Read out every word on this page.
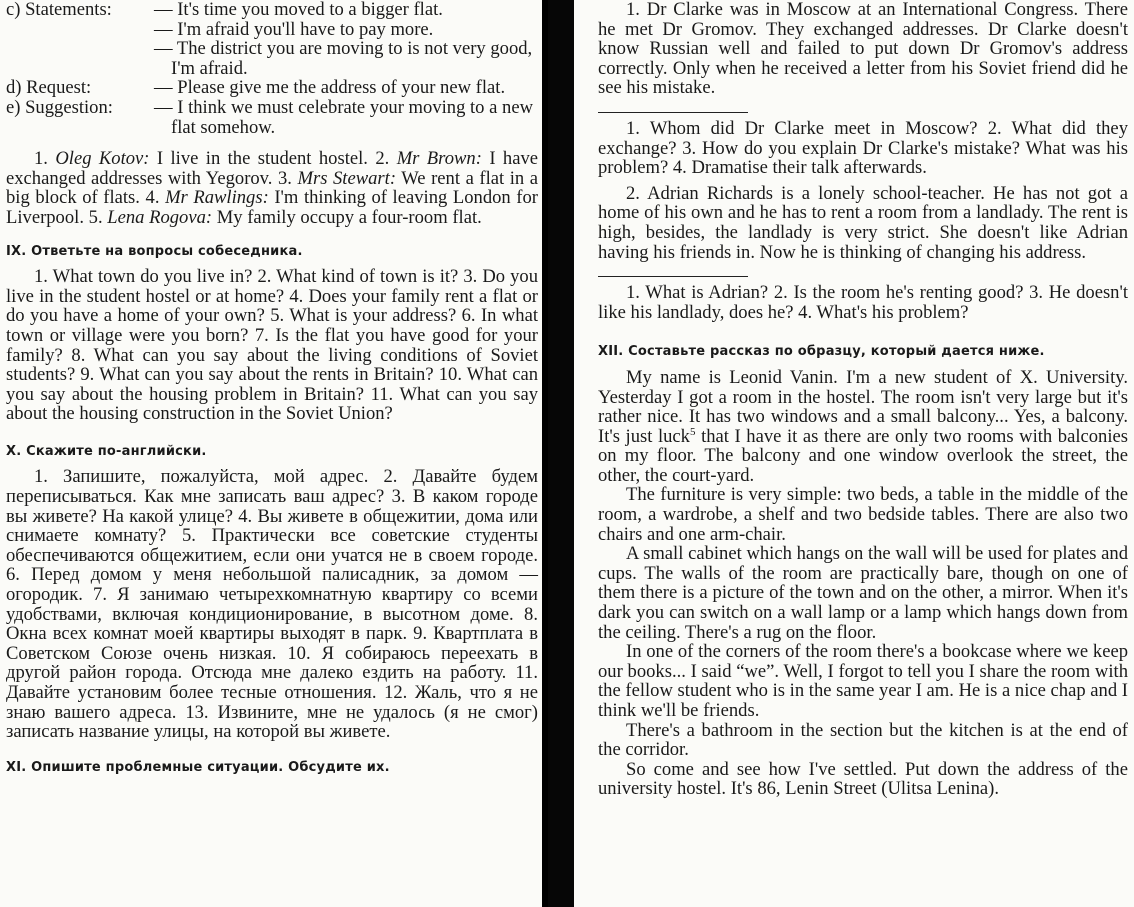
c) Statements:	— It's time you moved to a bigger flat.
— I'm afraid you'll have to pay more.
— The district you are moving to is not very good, I'm afraid.
d) Request:	— Please give me the address of your new flat.
e) Suggestion:	— I think we must celebrate your moving to a new flat somehow.

1. Oleg Kotov: I live in the student hostel. 2. Mr Brown: I have exchanged addresses with Yegorov. 3. Mrs Stewart: We rent a flat in a big block of flats. 4. Mr Rawlings: I'm thinking of leaving London for Liverpool. 5. Lena Rogova: My family occupy a four-room flat.

IX. Ответьте на вопросы собеседника.

1. What town do you live in? 2. What kind of town is it? 3. Do you live in the student hostel or at home? 4. Does your family rent a flat or do you have a home of your own? 5. What is your address? 6. In what town or village were you born? 7. Is the flat you have good for your family? 8. What can you say about the living conditions of Soviet students? 9. What can you say about the rents in Britain? 10. What can you say about the housing problem in Britain? 11. What can you say about the housing construction in the Soviet Union?

X. Скажите по-английски.

1. Запишите, пожалуйста, мой адрес. 2. Давайте будем переписываться. Как мне записать ваш адрес? 3. В каком городе вы живете? На какой улице? 4. Вы живете в общежитии, дома или снимаете комнату? 5. Практически все советские студенты обеспечиваются общежитием, если они учатся не в своем городе. 6. Перед домом у меня небольшой палисадник, за домом — огородик. 7. Я занимаю четырехкомнатную квартиру со всеми удобствами, включая кондиционирование, в высотном доме. 8. Окна всех комнат моей квартиры выходят в парк. 9. Квартплата в Советском Союзе очень низкая. 10. Я собираюсь переехать в другой район города. Отсюда мне далеко ездить на работу. 11. Давайте установим более тесные отношения. 12. Жаль, что я не знаю вашего адреса. 13. Извините, мне не удалось (я не смог) записать название улицы, на которой вы живете.

XI. Опишите проблемные ситуации. Обсудите их.

1. Dr Clarke was in Moscow at an International Congress. There he met Dr Gromov. They exchanged addresses. Dr Clarke doesn't know Russian well and failed to put down Dr Gromov's address correctly. Only when he received a letter from his Soviet friend did he see his mistake.

1. Whom did Dr Clarke meet in Moscow? 2. What did they exchange? 3. How do you explain Dr Clarke's mistake? What was his problem? 4. Dramatise their talk afterwards.

2. Adrian Richards is a lonely school-teacher. He has not got a home of his own and he has to rent a room from a landlady. The rent is high, besides, the landlady is very strict. She doesn't like Adrian having his friends in. Now he is thinking of changing his address.

1. What is Adrian? 2. Is the room he's renting good? 3. He doesn't like his landlady, does he? 4. What's his problem?

XII. Составьте рассказ по образцу, который дается ниже.

My name is Leonid Vanin. I'm a new student of X. University. Yesterday I got a room in the hostel. The room isn't very large but it's rather nice. It has two windows and a small balcony... Yes, a balcony. It's just luck$^5$ that I have it as there are only two rooms with balconies on my floor. The balcony and one window overlook the street, the other, the court-yard.

The furniture is very simple: two beds, a table in the middle of the room, a wardrobe, a shelf and two bedside tables. There are also two chairs and one arm-chair.

A small cabinet which hangs on the wall will be used for plates and cups. The walls of the room are practically bare, though on one of them there is a picture of the town and on the other, a mirror. When it's dark you can switch on a wall lamp or a lamp which hangs down from the ceiling. There's a rug on the floor.

In one of the corners of the room there's a bookcase where we keep our books... I said “we”. Well, I forgot to tell you I share the room with the fellow student who is in the same year I am. He is a nice chap and I think we'll be friends.

There's a bathroom in the section but the kitchen is at the end of the corridor.

So come and see how I've settled. Put down the address of the university hostel. It's 86, Lenin Street (Ulitsa Lenina).
